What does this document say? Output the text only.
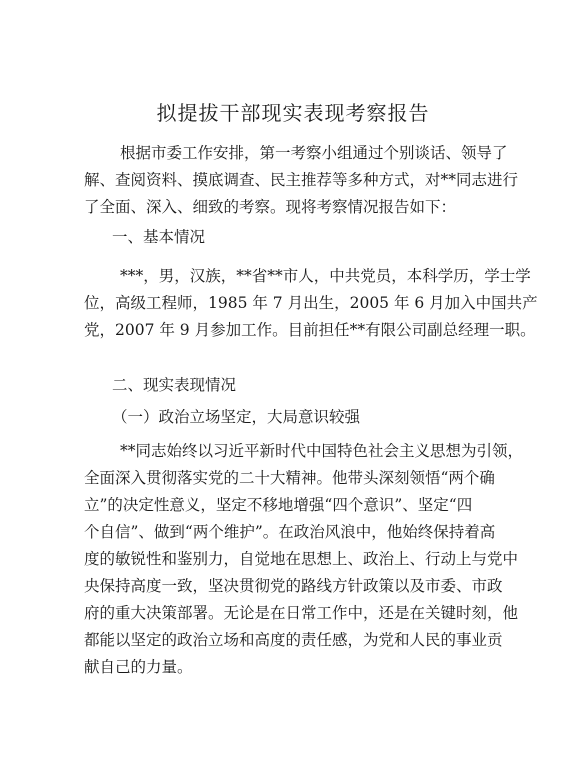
拟提拔干部现实表现考察报告

根据市委工作安排，第一考察小组通过个别谈话、领导了
解、查阅资料、摸底调查、民主推荐等多种方式，对**同志进行
了全面、深入、细致的考察。现将考察情况报告如下：

一、基本情况

***，男，汉族，**省**市人，中共党员，本科学历，学士学
位，高级工程师，1985 年 7 月出生，2005 年 6 月加入中国共产
党，2007 年 9 月参加工作。目前担任**有限公司副总经理一职。

二、现实表现情况
（一）政治立场坚定，大局意识较强

**同志始终以习近平新时代中国特色社会主义思想为引领，
全面深入贯彻落实党的二十大精神。他带头深刻领悟“两个确
立”的决定性意义，坚定不移地增强“四个意识”、坚定“四
个自信”、做到“两个维护”。在政治风浪中，他始终保持着高
度的敏锐性和鉴别力，自觉地在思想上、政治上、行动上与党中
央保持高度一致，坚决贯彻党的路线方针政策以及市委、市政
府的重大决策部署。无论是在日常工作中，还是在关键时刻，他
都能以坚定的政治立场和高度的责任感，为党和人民的事业贡
献自己的力量。
